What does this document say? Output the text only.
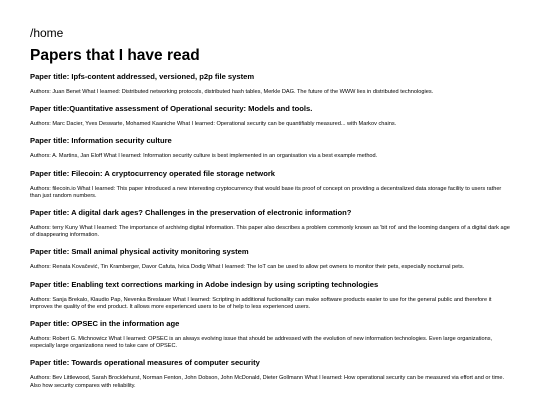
/home
Papers that I have read
Paper title: Ipfs-content addressed, versioned, p2p file system

Authors: Juan Benet What I learned: Distributed networking protocols, distributed hash tables, Merkle DAG. The future of the WWW lies in distributed technologies.

Paper title:Quantitative assessment of Operational security: Models and tools.

Authors: Marc Dacier, Yves Deswarte, Mohamed Kaaniche What I learned: Operational security can be quantifiably measured... with Markov chains.

Paper title: Information security culture

Authors: A. Martins, Jan Eloff What I learned: Information security culture is best implemented in an organisation via a best example method.

Paper title: Filecoin: A cryptocurrency operated file storage network

Authors: filecoin.io What I learned: This paper introduced a new interesting cryptocurrency that would base its proof of concept on providing a decentralized data storage facility to users rather than just random numbers.

Paper title: A digital dark ages? Challenges in the preservation of electronic information?

Authors: terry Kuny What I learned: The importance of archiving digital information. This paper also describes a problem commonly known as 'bit rot' and the looming dangers of a digital dark age of disappearing information.

Paper title: Small animal physical activity monitoring system

Authors: Renata Kovačević, Tin Kramberger, Davor Cafuta, Ivica Dodig What I learned: The IoT can be used to allow pet owners to monitor their pets, especially nocturnal pets.

Paper title: Enabling text corrections marking in Adobe indesign by using scripting technologies

Authors: Sanja Brekalo, Klaudio Pap, Nevenka Breslauer What I learned: Scripting in additional fuctionality can make software products easier to use for the general public and therefore it improves the quality of the end product. It allows more experienced users to be of help to less experienced users.

Paper title: OPSEC in the information age

Authors: Robert G. Michnowicz What I learned: OPSEC is an always evolving issue that should be addressed with the evolution of new information technologies. Even large organizations, especially large organizations need to take care of OPSEC.

Paper title: Towards operational measures of computer security

Authors: Bev Littlewood, Sarah Brocklehurst, Norman Fenton, John Dobson, John McDonald, Dieter Gollmann What I learned: How operational security can be measured via effort and or time. Also how security compares with reliability.
